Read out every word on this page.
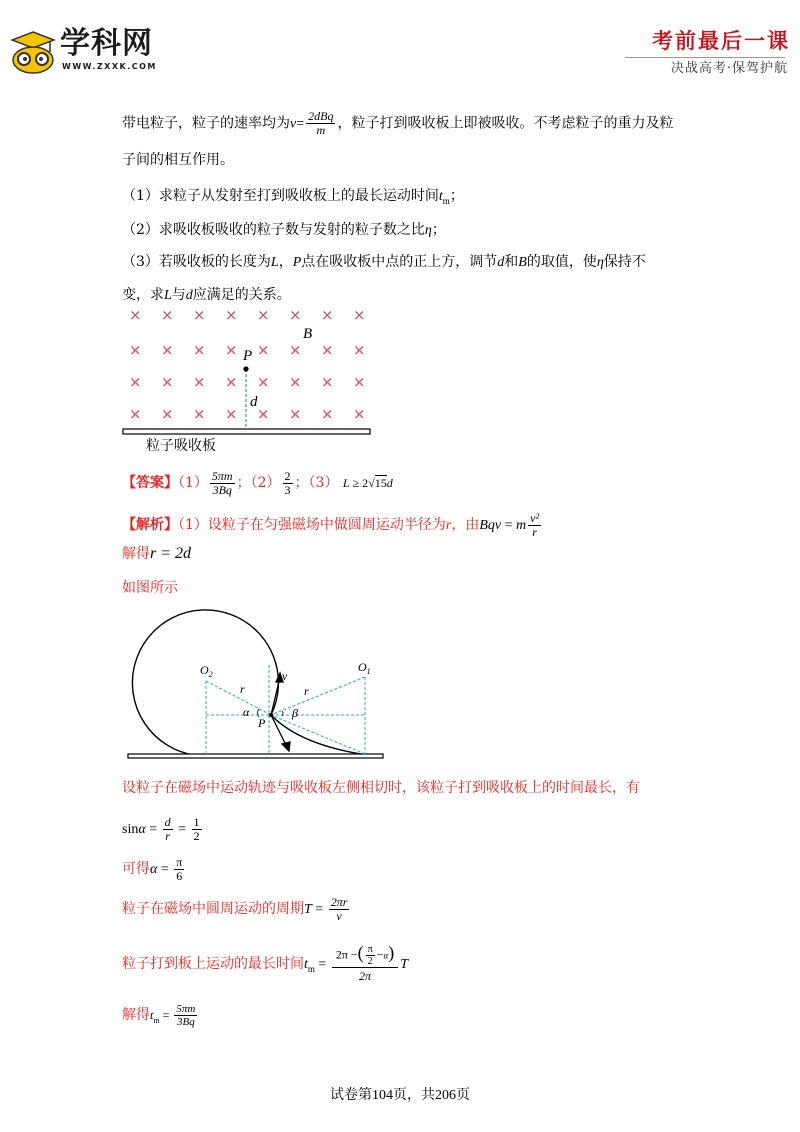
学科网
WWW.ZXXK.COM
考前最后一课
决战高考·保驾护航
带电粒子，粒子的速率均为$v= \frac{\text{2dBq}}{m}$ ，粒子打到吸收板上即被吸收。不考虑粒子的重力及粒
子间的相互作用。
（1）求粒子从发射至打到吸收板上的最长运动时间$t_m$；
（2）求吸收板吸收的粒子数与发射的粒子数之比η；
（3）若吸收板的长度为L，P点在吸收板中点的正上方，调节d和B的取值，使η保持不
变，求L与d应满足的关系。
× × × × × × × ×
× × × × × × × ×
× × × × × × × ×
× × × × × × × ×
B
P
d
粒子吸收板
【答案】$(1) \frac{5\pi m}{3Bq}$ ；$(2) \frac{2}{3}$ ；（3） L ≥ 2√15d
【解析】（1）设粒子在匀强磁场中做圆周运动半径为r，由Bqv = m $\frac{\text{v²}}{r}$
解得r = 2d
如图所示
$O_2$
$O_1$
r	r
v
v
α	β
P
设粒子在磁场中运动轨迹与吸收板左侧相切时，该粒子打到吸收板上的时间最长，有
$\sin\alpha = \frac{d}{r} = \frac{1}{2}$
可得$\alpha = \frac{\pi}{6}$
粒子在磁场中圆周运动的周期$T = \frac{2\pi r}{v}$
粒子打到板上运动的最长时间$t_m = \frac{2\pi -( \frac{\pi}{2} -\alpha)}{2\pi}$ T
解得$t_m = \frac{5\pi m}{3Bq}$
试卷第104页，共206页
